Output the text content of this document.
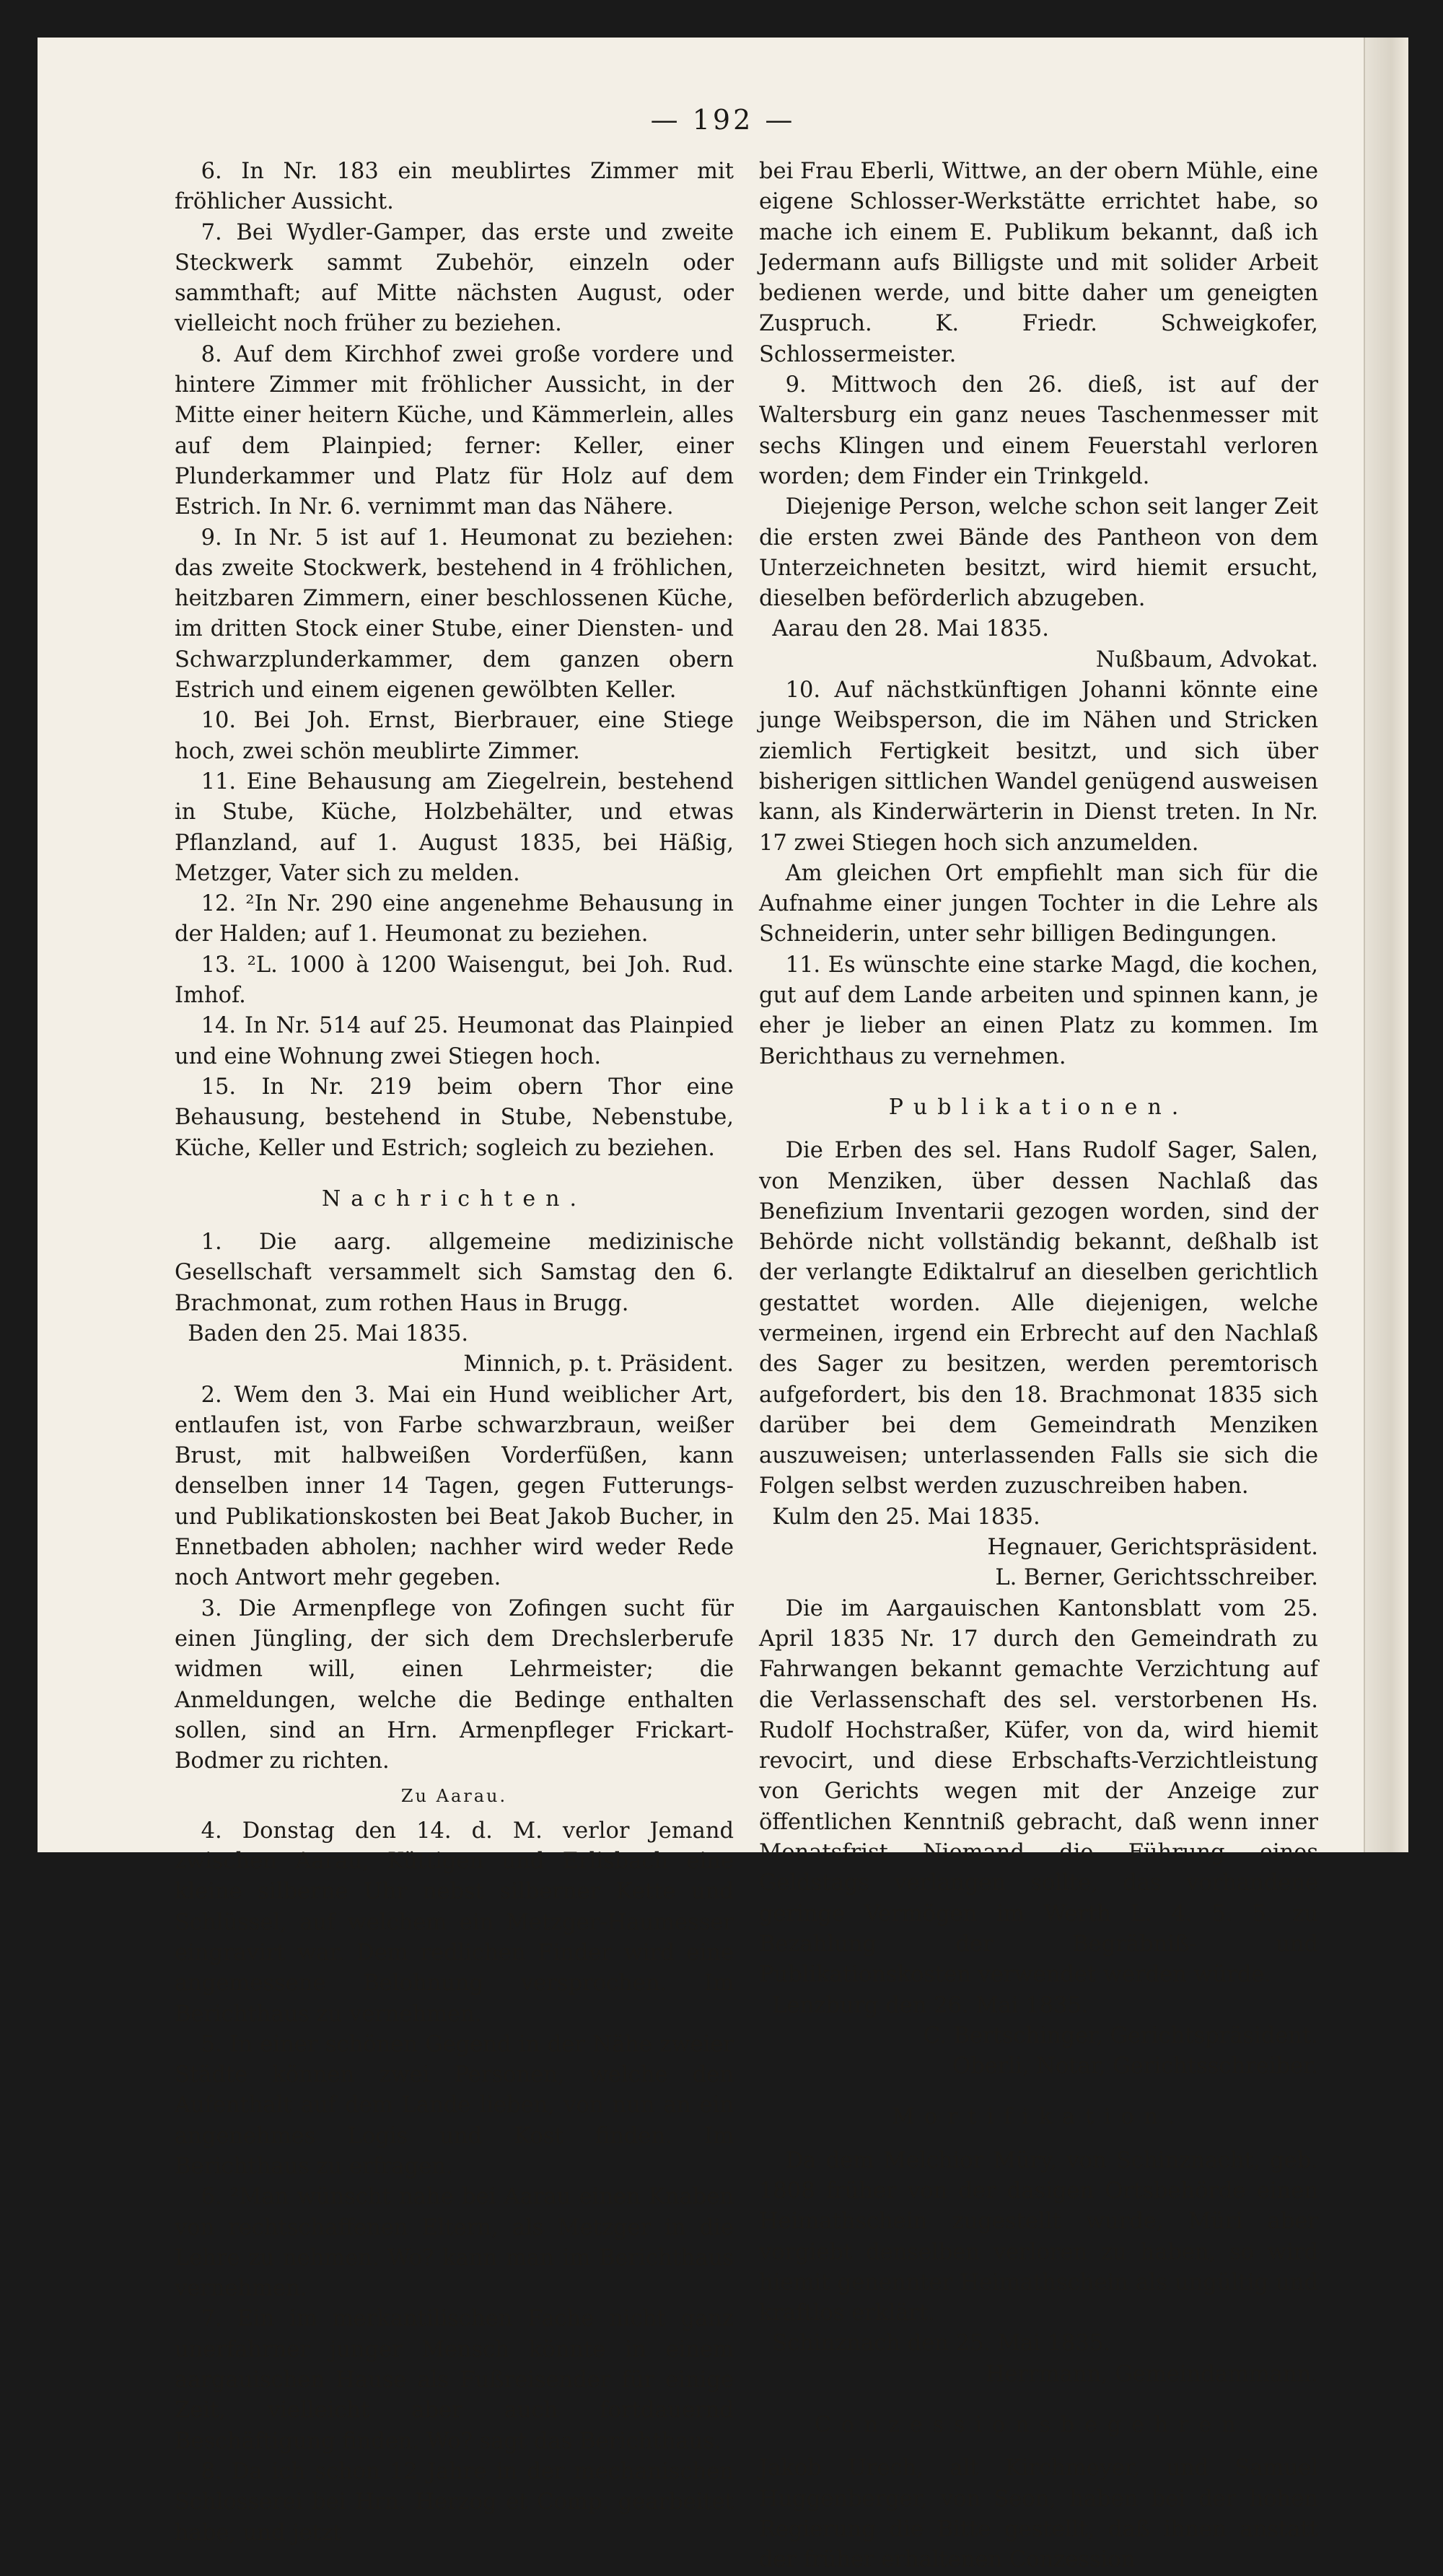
— 192 —

6. In Nr. 183 ein meublirtes Zimmer mit fröhlicher Aussicht.

7. Bei Wydler-Gamper, das erste und zweite Steckwerk sammt Zubehör, einzeln oder sammthaft; auf Mitte nächsten August, oder vielleicht noch früher zu beziehen.

8. Auf dem Kirchhof zwei große vordere und hintere Zimmer mit fröhlicher Aussicht, in der Mitte einer heitern Küche, und Kämmerlein, alles auf dem Plainpied; ferner: Keller, einer Plunderkammer und Platz für Holz auf dem Estrich. In Nr. 6. vernimmt man das Nähere.

9. In Nr. 5 ist auf 1. Heumonat zu beziehen: das zweite Stockwerk, bestehend in 4 fröhlichen, heitzbaren Zimmern, einer beschlossenen Küche, im dritten Stock einer Stube, einer Diensten- und Schwarzplunderkammer, dem ganzen obern Estrich und einem eigenen gewölbten Keller.

10. Bei Joh. Ernst, Bierbrauer, eine Stiege hoch, zwei schön meublirte Zimmer.

11. Eine Behausung am Ziegelrein, bestehend in Stube, Küche, Holzbehälter, und etwas Pflanzland, auf 1. August 1835, bei Häßig, Metzger, Vater sich zu melden.

12. ²In Nr. 290 eine angenehme Behausung in der Halden; auf 1. Heumonat zu beziehen.

13. ²L. 1000 à 1200 Waisengut, bei Joh. Rud. Imhof.

14. In Nr. 514 auf 25. Heumonat das Plainpied und eine Wohnung zwei Stiegen hoch.

15. In Nr. 219 beim obern Thor eine Behausung, bestehend in Stube, Nebenstube, Küche, Keller und Estrich; sogleich zu beziehen.

Nachrichten.

1. Die aarg. allgemeine medizinische Gesellschaft versammelt sich Samstag den 6. Brachmonat, zum rothen Haus in Brugg.

Baden den 25. Mai 1835.

Minnich, p. t. Präsident.

2. Wem den 3. Mai ein Hund weiblicher Art, entlaufen ist, von Farbe schwarzbraun, weißer Brust, mit halbweißen Vorderfüßen, kann denselben inner 14 Tagen, gegen Futterungs- und Publikationskosten bei Beat Jakob Bucher, in Ennetbaden abholen; nachher wird weder Rede noch Antwort mehr gegeben.

3. Die Armenpflege von Zofingen sucht für einen Jüngling, der sich dem Drechslerberufe widmen will, einen Lehrmeister; die Anmeldungen, welche die Bedinge enthalten sollen, sind an Hrn. Armenpfleger Frickart-Bodmer zu richten.

Zu Aarau.

4. Donstag den 14. d. M. verlor Jemand zwischen Aarau, Küttigen und Erlisbach eine kleine silberne Uhr nebst silberner Kette und Schlüssel, auf welchem ein Metzger-Haumesser eingravirt war. Dem redlichen Finder wird eine angemessene Belohnung versprochen. Im Berichthaus zu vernehmen.

5. In einer schönen Gegend in der Nähe zweier Städte können zwei Personen, welche den Aufenthalt auf dem Lande lieben, von nun an ein angenehmes Logis und Kost finden. Im Berichthaus zu erfragen.

6. ²Man wünscht nahe bei Aarau einen Knaben von rechtschaffenen Eltern, als Metzger in die Lehre zu nehmen. Wo? kann man im Berichthaus vernehmen.

7. Ein im merkantilischen Fache nicht ganz unerfahrner junger Mensch könnte in einem aargauischen Hause als Fußreisender für einige Zeit, vielleicht aber auch fortdauernd Beschäftigung finden. Wo? sagt das Berichthaus.

8. Da ich schon 12 Jahre in der mechanischen Schlosserei bei Hrn. Herzog et Comp. gearbeitet habe, und jetzt

bei Frau Eberli, Wittwe, an der obern Mühle, eine eigene Schlosser-Werkstätte errichtet habe, so mache ich einem E. Publikum bekannt, daß ich Jedermann aufs Billigste und mit solider Arbeit bedienen werde, und bitte daher um geneigten Zuspruch. K. Friedr. Schweigkofer, Schlossermeister.

9. Mittwoch den 26. dieß, ist auf der Waltersburg ein ganz neues Taschenmesser mit sechs Klingen und einem Feuerstahl verloren worden; dem Finder ein Trinkgeld.

Diejenige Person, welche schon seit langer Zeit die ersten zwei Bände des Pantheon von dem Unterzeichneten besitzt, wird hiemit ersucht, dieselben beförderlich abzugeben.

Aarau den 28. Mai 1835.

Nußbaum, Advokat.

10. Auf nächstkünftigen Johanni könnte eine junge Weibsperson, die im Nähen und Stricken ziemlich Fertigkeit besitzt, und sich über bisherigen sittlichen Wandel genügend ausweisen kann, als Kinderwärterin in Dienst treten. In Nr. 17 zwei Stiegen hoch sich anzumelden.

Am gleichen Ort empfiehlt man sich für die Aufnahme einer jungen Tochter in die Lehre als Schneiderin, unter sehr billigen Bedingungen.

11. Es wünschte eine starke Magd, die kochen, gut auf dem Lande arbeiten und spinnen kann, je eher je lieber an einen Platz zu kommen. Im Berichthaus zu vernehmen.

Publikationen.

Die Erben des sel. Hans Rudolf Sager, Salen, von Menziken, über dessen Nachlaß das Benefizium Inventarii gezogen worden, sind der Behörde nicht vollständig bekannt, deßhalb ist der verlangte Ediktalruf an dieselben gerichtlich gestattet worden. Alle diejenigen, welche vermeinen, irgend ein Erbrecht auf den Nachlaß des Sager zu besitzen, werden peremtorisch aufgefordert, bis den 18. Brachmonat 1835 sich darüber bei dem Gemeindrath Menziken auszuweisen; unterlassenden Falls sie sich die Folgen selbst werden zuzuschreiben haben.

Kulm den 25. Mai 1835.

Hegnauer, Gerichtspräsident.

L. Berner, Gerichtsschreiber.

Die im Aargauischen Kantonsblatt vom 25. April 1835 Nr. 17 durch den Gemeindrath zu Fahrwangen bekannt gemachte Verzichtung auf die Verlassenschaft des sel. verstorbenen Hs. Rudolf Hochstraßer, Küfer, von da, wird hiemit revocirt, und diese Erbschafts-Verzichtleistung von Gerichts wegen mit der Anzeige zur öffentlichen Kenntniß gebracht, daß wenn inner Monatsfrist Niemand die Führung eines Geldstags verlangen sollte, das vorhandene geringe Vermögen im Werth L. 4. 5. 5. zu Bezahlung der Begräbniß- und Publikationskosten verwendet werden würde.

Lenzburg den 26. Mai 1835.

C. Bertschinger, Gerichtspräsident.

Oberli, Notar, Gerichtsschreiber.

Mortifikation.

Da dem Melchior Müry, von Schinznacht, geb. 1808 früher von der dasigen Ortsbehörde einen Heimathschein zugestellt wurde, Müri aber vorgiebt denselben verloren zu haben, so wird hiemit genennter Heimathschein als ungültig und kraftlos erklärt.

Schinznach den 25. Mai 1835.

Herrmann, Gemeindammann.

Conzessionsbegehren.

Jakob Urech, alt Kirchmeyer, und Samuel Huggenberger, von Seon, haben bei der hohen Regierung die Bitte gestellt, daß ihnen anstatt der früher erhaltenen Conzession
